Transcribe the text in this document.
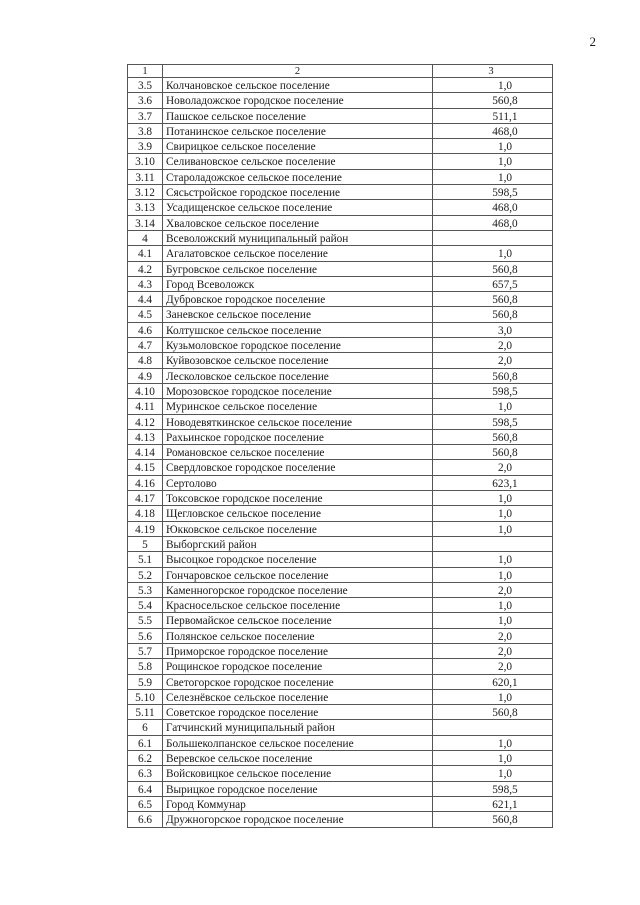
2
1	2	3
3.5	Колчановское сельское поселение	1,0
3.6	Новоладожское городское поселение	560,8
3.7	Пашское сельское поселение	511,1
3.8	Потанинское сельское поселение	468,0
3.9	Свирицкое сельское поселение	1,0
3.10	Селивановское сельское поселение	1,0
3.11	Староладожское сельское поселение	1,0
3.12	Сясьстройское городское поселение	598,5
3.13	Усадищенское сельское поселение	468,0
3.14	Хваловское сельское поселение	468,0
4	Всеволожский муниципальный район	
4.1	Агалатовское сельское поселение	1,0
4.2	Бугровское сельское поселение	560,8
4.3	Город Всеволожск	657,5
4.4	Дубровское городское поселение	560,8
4.5	Заневское сельское поселение	560,8
4.6	Колтушское сельское поселение	3,0
4.7	Кузьмоловское городское поселение	2,0
4.8	Куйвозовское сельское поселение	2,0
4.9	Лесколовское сельское поселение	560,8
4.10	Морозовское городское поселение	598,5
4.11	Муринское сельское поселение	1,0
4.12	Новодевяткинское сельское поселение	598,5
4.13	Рахьинское городское поселение	560,8
4.14	Романовское сельское поселение	560,8
4.15	Свердловское городское поселение	2,0
4.16	Сертолово	623,1
4.17	Токсовское городское поселение	1,0
4.18	Щегловское сельское поселение	1,0
4.19	Юкковское сельское поселение	1,0
5	Выборгский район	
5.1	Высоцкое городское поселение	1,0
5.2	Гончаровское сельское поселение	1,0
5.3	Каменногорское городское поселение	2,0
5.4	Красносельское сельское поселение	1,0
5.5	Первомайское сельское поселение	1,0
5.6	Полянское сельское поселение	2,0
5.7	Приморское городское поселение	2,0
5.8	Рощинское городское поселение	2,0
5.9	Светогорское городское поселение	620,1
5.10	Селезнёвское сельское поселение	1,0
5.11	Советское городское поселение	560,8
6	Гатчинский муниципальный район	
6.1	Большеколпанское сельское поселение	1,0
6.2	Веревское сельское поселение	1,0
6.3	Войсковицкое сельское поселение	1,0
6.4	Вырицкое городское поселение	598,5
6.5	Город Коммунар	621,1
6.6	Дружногорское городское поселение	560,8
